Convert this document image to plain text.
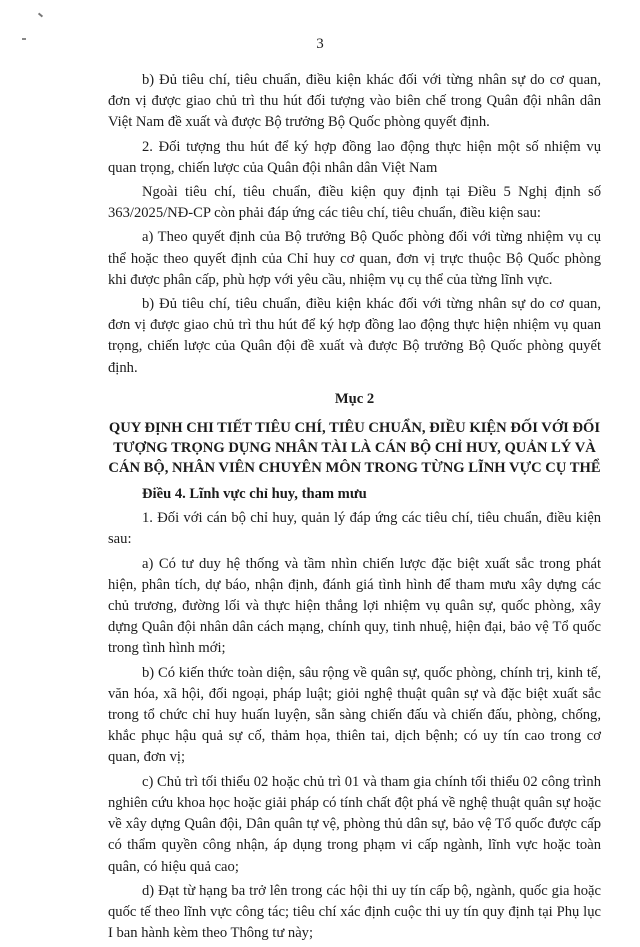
3

b) Đủ tiêu chí, tiêu chuẩn, điều kiện khác đối với từng nhân sự do cơ quan, đơn vị được giao chủ trì thu hút đối tượng vào biên chế trong Quân đội nhân dân Việt Nam đề xuất và được Bộ trưởng Bộ Quốc phòng quyết định.

2. Đối tượng thu hút để ký hợp đồng lao động thực hiện một số nhiệm vụ quan trọng, chiến lược của Quân đội nhân dân Việt Nam

Ngoài tiêu chí, tiêu chuẩn, điều kiện quy định tại Điều 5 Nghị định số 363/2025/NĐ-CP còn phải đáp ứng các tiêu chí, tiêu chuẩn, điều kiện sau:

a) Theo quyết định của Bộ trưởng Bộ Quốc phòng đối với từng nhiệm vụ cụ thể hoặc theo quyết định của Chỉ huy cơ quan, đơn vị trực thuộc Bộ Quốc phòng khi được phân cấp, phù hợp với yêu cầu, nhiệm vụ cụ thể của từng lĩnh vực.

b) Đủ tiêu chí, tiêu chuẩn, điều kiện khác đối với từng nhân sự do cơ quan, đơn vị được giao chủ trì thu hút để ký hợp đồng lao động thực hiện nhiệm vụ quan trọng, chiến lược của Quân đội đề xuất và được Bộ trưởng Bộ Quốc phòng quyết định.

Mục 2
QUY ĐỊNH CHI TIẾT TIÊU CHÍ, TIÊU CHUẨN, ĐIỀU KIỆN ĐỐI VỚI ĐỐI TƯỢNG TRỌNG DỤNG NHÂN TÀI LÀ CÁN BỘ CHỈ HUY, QUẢN LÝ VÀ CÁN BỘ, NHÂN VIÊN CHUYÊN MÔN TRONG TỪNG LĨNH VỰC CỤ THỂ

Điều 4. Lĩnh vực chỉ huy, tham mưu

1. Đối với cán bộ chỉ huy, quản lý đáp ứng các tiêu chí, tiêu chuẩn, điều kiện sau:

a) Có tư duy hệ thống và tầm nhìn chiến lược đặc biệt xuất sắc trong phát hiện, phân tích, dự báo, nhận định, đánh giá tình hình để tham mưu xây dựng các chủ trương, đường lối và thực hiện thắng lợi nhiệm vụ quân sự, quốc phòng, xây dựng Quân đội nhân dân cách mạng, chính quy, tinh nhuệ, hiện đại, bảo vệ Tổ quốc trong tình hình mới;

b) Có kiến thức toàn diện, sâu rộng về quân sự, quốc phòng, chính trị, kinh tế, văn hóa, xã hội, đối ngoại, pháp luật; giỏi nghệ thuật quân sự và đặc biệt xuất sắc trong tổ chức chỉ huy huấn luyện, sẵn sàng chiến đấu và chiến đấu, phòng, chống, khắc phục hậu quả sự cố, thảm họa, thiên tai, dịch bệnh; có uy tín cao trong cơ quan, đơn vị;

c) Chủ trì tối thiểu 02 hoặc chủ trì 01 và tham gia chính tối thiểu 02 công trình nghiên cứu khoa học hoặc giải pháp có tính chất đột phá về nghệ thuật quân sự hoặc về xây dựng Quân đội, Dân quân tự vệ, phòng thủ dân sự, bảo vệ Tổ quốc được cấp có thẩm quyền công nhận, áp dụng trong phạm vi cấp ngành, lĩnh vực hoặc toàn quân, có hiệu quả cao;

d) Đạt từ hạng ba trở lên trong các hội thi uy tín cấp bộ, ngành, quốc gia hoặc quốc tế theo lĩnh vực công tác; tiêu chí xác định cuộc thi uy tín quy định tại Phụ lục I ban hành kèm theo Thông tư này;
